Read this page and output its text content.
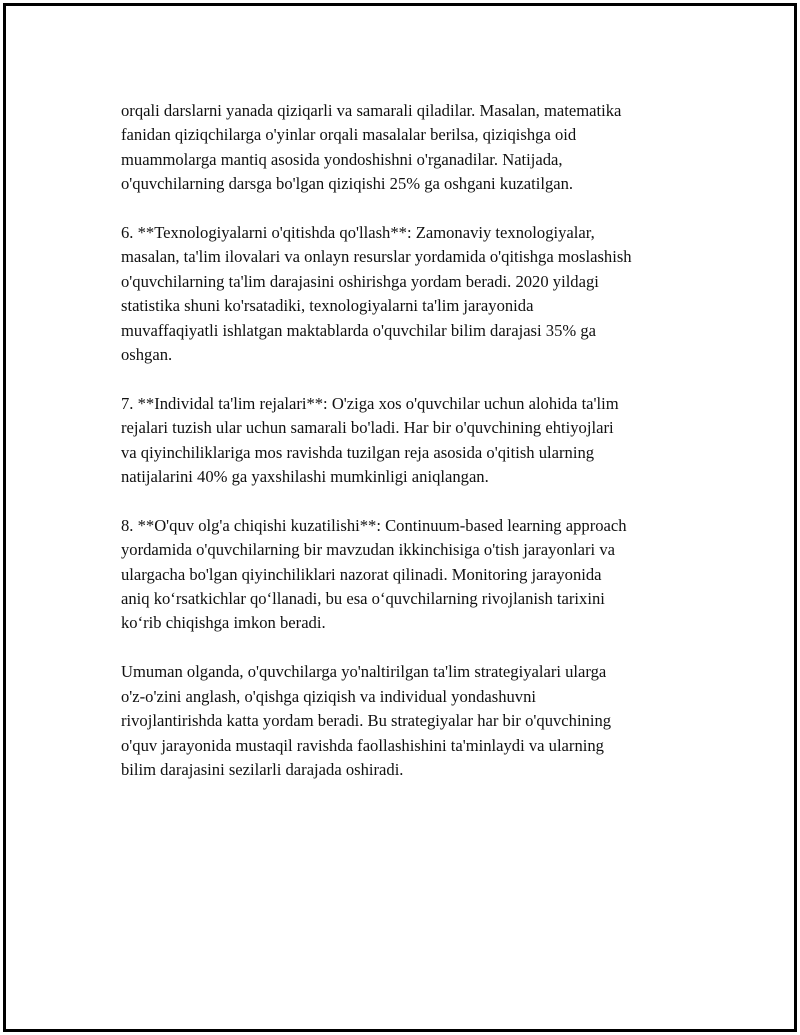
orqali darslarni yanada qiziqarli va samarali qiladilar. Masalan, matematika
fanidan qiziqchilarga o'yinlar orqali masalalar berilsa, qiziqishga oid
muammolarga mantiq asosida yondoshishni o'rganadilar. Natijada,
o'quvchilarning darsga bo'lgan qiziqishi 25% ga oshgani kuzatilgan.

6. **Texnologiyalarni o'qitishda qo'llash**: Zamonaviy texnologiyalar,
masalan, ta'lim ilovalari va onlayn resurslar yordamida o'qitishga moslashish
o'quvchilarning ta'lim darajasini oshirishga yordam beradi. 2020 yildagi
statistika shuni ko'rsatadiki, texnologiyalarni ta'lim jarayonida
muvaffaqiyatli ishlatgan maktablarda o'quvchilar bilim darajasi 35% ga
oshgan.

7. **Individal ta'lim rejalari**: O'ziga xos o'quvchilar uchun alohida ta'lim
rejalari tuzish ular uchun samarali bo'ladi. Har bir o'quvchining ehtiyojlari
va qiyinchiliklariga mos ravishda tuzilgan reja asosida o'qitish ularning
natijalarini 40% ga yaxshilashi mumkinligi aniqlangan.

8. **O'quv olg'a chiqishi kuzatilishi**: Continuum-based learning approach
yordamida o'quvchilarning bir mavzudan ikkinchisiga o'tish jarayonlari va
ulargacha bo'lgan qiyinchiliklari nazorat qilinadi. Monitoring jarayonida
aniq ko‘rsatkichlar qo‘llanadi, bu esa o‘quvchilarning rivojlanish tarixini
ko‘rib chiqishga imkon beradi.

Umuman olganda, o'quvchilarga yo'naltirilgan ta'lim strategiyalari ularga
o'z-o'zini anglash, o'qishga qiziqish va individual yondashuvni
rivojlantirishda katta yordam beradi. Bu strategiyalar har bir o'quvchining
o'quv jarayonida mustaqil ravishda faollashishini ta'minlaydi va ularning
bilim darajasini sezilarli darajada oshiradi.
